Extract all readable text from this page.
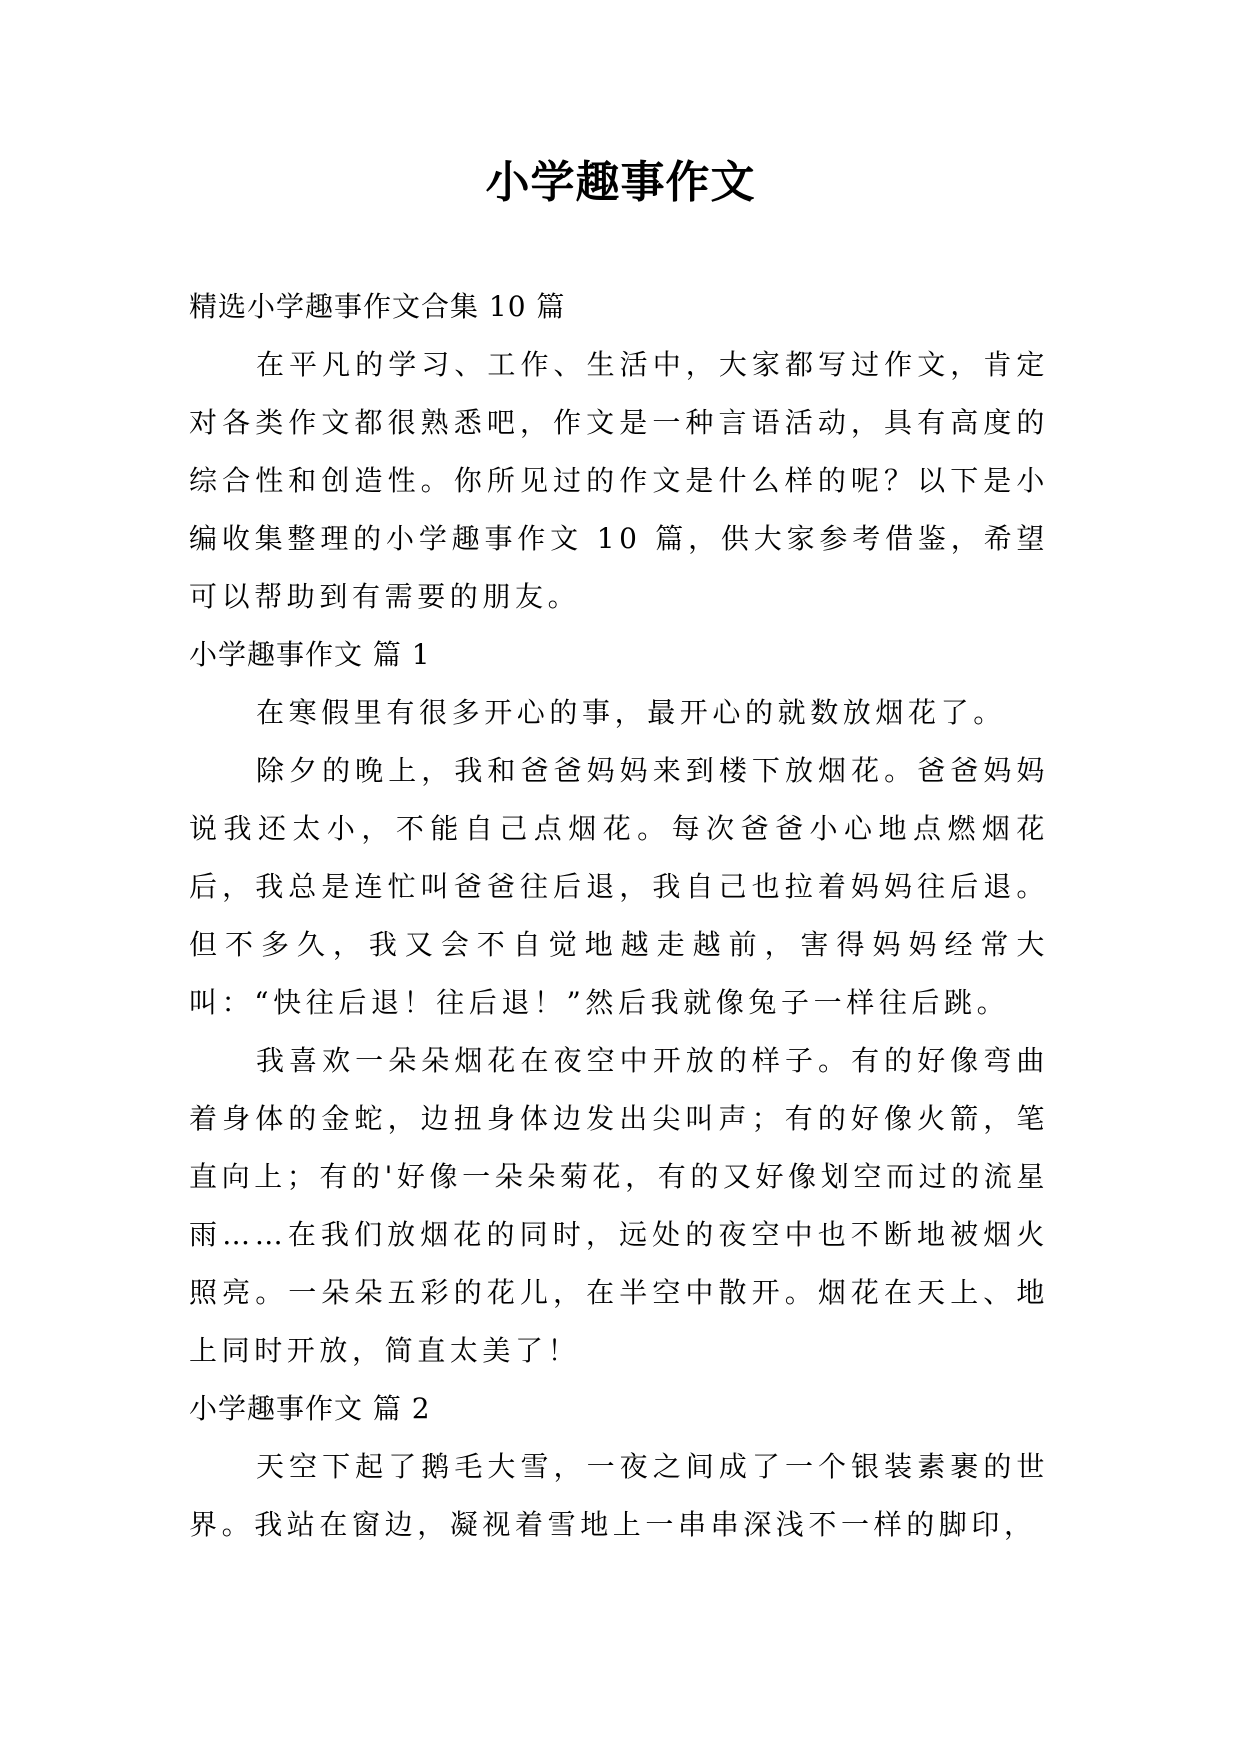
小学趣事作文
精选小学趣事作文合集 10 篇

在平凡的学习、工作、生活中，大家都写过作文，肯定对各类作文都很熟悉吧，作文是一种言语活动，具有高度的综合性和创造性。你所见过的作文是什么样的呢？以下是小编收集整理的小学趣事作文 10 篇，供大家参考借鉴，希望可以帮助到有需要的朋友。

小学趣事作文 篇 1

在寒假里有很多开心的事，最开心的就数放烟花了。

除夕的晚上，我和爸爸妈妈来到楼下放烟花。爸爸妈妈说我还太小，不能自己点烟花。每次爸爸小心地点燃烟花后，我总是连忙叫爸爸往后退，我自己也拉着妈妈往后退。但不多久，我又会不自觉地越走越前，害得妈妈经常大叫：“快往后退！往后退！”然后我就像兔子一样往后跳。

我喜欢一朵朵烟花在夜空中开放的样子。有的好像弯曲着身体的金蛇，边扭身体边发出尖叫声；有的好像火箭，笔直向上；有的'好像一朵朵菊花，有的又好像划空而过的流星雨……在我们放烟花的同时，远处的夜空中也不断地被烟火照亮。一朵朵五彩的花儿，在半空中散开。烟花在天上、地上同时开放，简直太美了！

小学趣事作文 篇 2

天空下起了鹅毛大雪，一夜之间成了一个银装素裹的世界。我站在窗边，凝视着雪地上一串串深浅不一样的脚印，
